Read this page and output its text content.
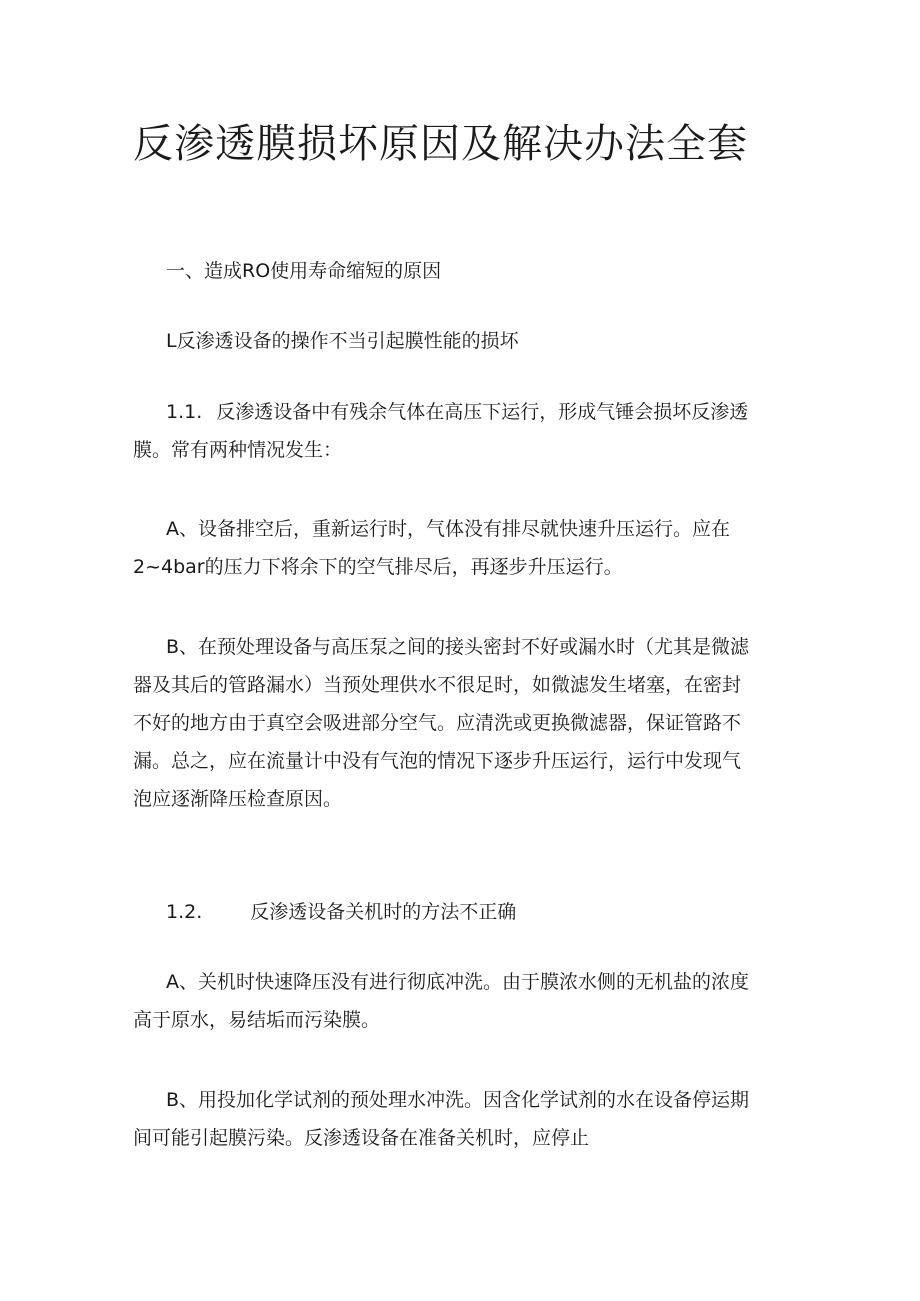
反渗透膜损坏原因及解决办法全套

一、造成RO使用寿命缩短的原因

L反渗透设备的操作不当引起膜性能的损坏

1.1. 反渗透设备中有残余气体在高压下运行，形成气锤会损坏反渗透
膜。常有两种情况发生：

A、设备排空后，重新运行时，气体没有排尽就快速升压运行。应在
2~4bar的压力下将余下的空气排尽后，再逐步升压运行。

B、在预处理设备与高压泵之间的接头密封不好或漏水时（尤其是微滤
器及其后的管路漏水）当预处理供水不很足时，如微滤发生堵塞，在密封
不好的地方由于真空会吸进部分空气。应清洗或更换微滤器，保证管路不
漏。总之，应在流量计中没有气泡的情况下逐步升压运行，运行中发现气
泡应逐渐降压检查原因。

1.2.	反渗透设备关机时的方法不正确

A、关机时快速降压没有进行彻底冲洗。由于膜浓水侧的无机盐的浓度
高于原水，易结垢而污染膜。

B、用投加化学试剂的预处理水冲洗。因含化学试剂的水在设备停运期
间可能引起膜污染。反渗透设备在准备关机时，应停止
